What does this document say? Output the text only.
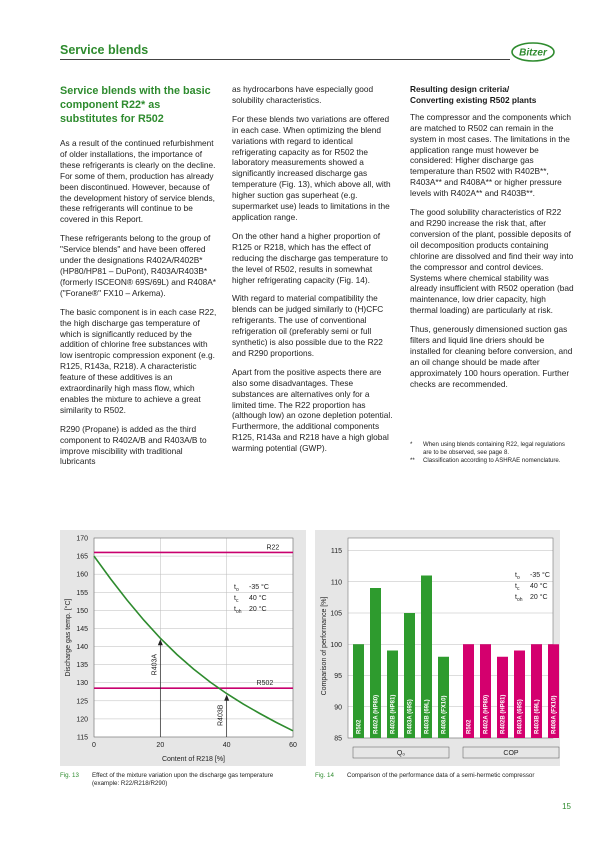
Service blends	Bitzer
Service blends with the basic component R22* as substitutes for R502

As a result of the continued refurbishment of older installations, the importance of these refrigerants is clearly on the decline. For some of them, production has already been discontinued. However, because of the development history of service blends, these refrigerants will continue to be covered in this Report.

These refrigerants belong to the group of "Service blends" and have been offered under the designations R402A/R402B* (HP80/HP81 – DuPont), R403A/R403B* (formerly ISCEON® 69S/69L) and R408A* ("Forane®" FX10 – Arkema).

The basic component is in each case R22, the high discharge gas temperature of which is significantly reduced by the addition of chlorine free substances with low isentropic compression exponent (e.g. R125, R143a, R218). A characteristic feature of these additives is an extraordinarily high mass flow, which enables the mixture to achieve a great similarity to R502.

R290 (Propane) is added as the third component to R402A/B and R403A/B to improve miscibility with traditional lubricants

as hydrocarbons have especially good solubility characteristics.

For these blends two variations are offered in each case. When optimizing the blend variations with regard to identical refrigerating capacity as for R502 the laboratory measurements showed a significantly increased discharge gas temperature (Fig. 13), which above all, with higher suction gas superheat (e.g. supermarket use) leads to limitations in the application range.

On the other hand a higher proportion of R125 or R218, which has the effect of reducing the discharge gas temperature to the level of R502, results in somewhat higher refrigerating capacity (Fig. 14).

With regard to material compatibility the blends can be judged similarly to (H)CFC refrigerants. The use of conventional refrigeration oil (preferably semi or full synthetic) is also possible due to the R22 and R290 proportions.

Apart from the positive aspects there are also some disadvantages. These substances are alternatives only for a limited time. The R22 proportion has (although low) an ozone depletion potential. Furthermore, the additional components R125, R143a and R218 have a high global warming potential (GWP).

Resulting design criteria/
Converting existing R502 plants

The compressor and the components which are matched to R502 can remain in the system in most cases. The limitations in the application range must however be considered: Higher discharge gas temperature than R502 with R402B**, R403A** and R408A** or higher pressure levels with R402A** and R403B**.

The good solubility characteristics of R22 and R290 increase the risk that, after conversion of the plant, possible deposits of oil decomposition products containing chlorine are dissolved and find their way into the compressor and control devices. Systems where chemical stability was already insufficient with R502 operation (bad maintenance, low drier capacity, high thermal loading) are particularly at risk.

Thus, generously dimensioned suction gas filters and liquid line driers should be installed for cleaning before conversion, and an oil change should be made after approximately 100 hours operation. Further checks are recommended.

*	When using blends containing R22, legal regulations are to be observed, see page 8.
**	Classification according to ASHRAE nomenclature.
115
120
125
130
135
140
145
150
155
160
165
170
0	20	40	60
R22
R502
R403A
R403B
$t_o$ -35 °C
$t_c$ 40 °C
$t_{oh}$ 20 °C
Content of R218 [%]
Discharge gas temp. [°C]
85
90
95
100
105
110
115
R502 R402A (HP80) R402B (HP81) R403A (69S) R403B (69L) R408A (FX10)
Q₀
R502 R402A (HP80) R402B (HP81) R403A (69S) R403B (69L) R408A (FX10)
COP
$t_o$ -35 °C
$t_c$ 40 °C
$t_{oh}$ 20 °C
Comparison of performance [%]
Fig. 13	Effect of the mixture variation upon the discharge gas temperature (example: R22/R218/R290)
Fig. 14	Comparison of the performance data of a semi-hermetic compressor
15
